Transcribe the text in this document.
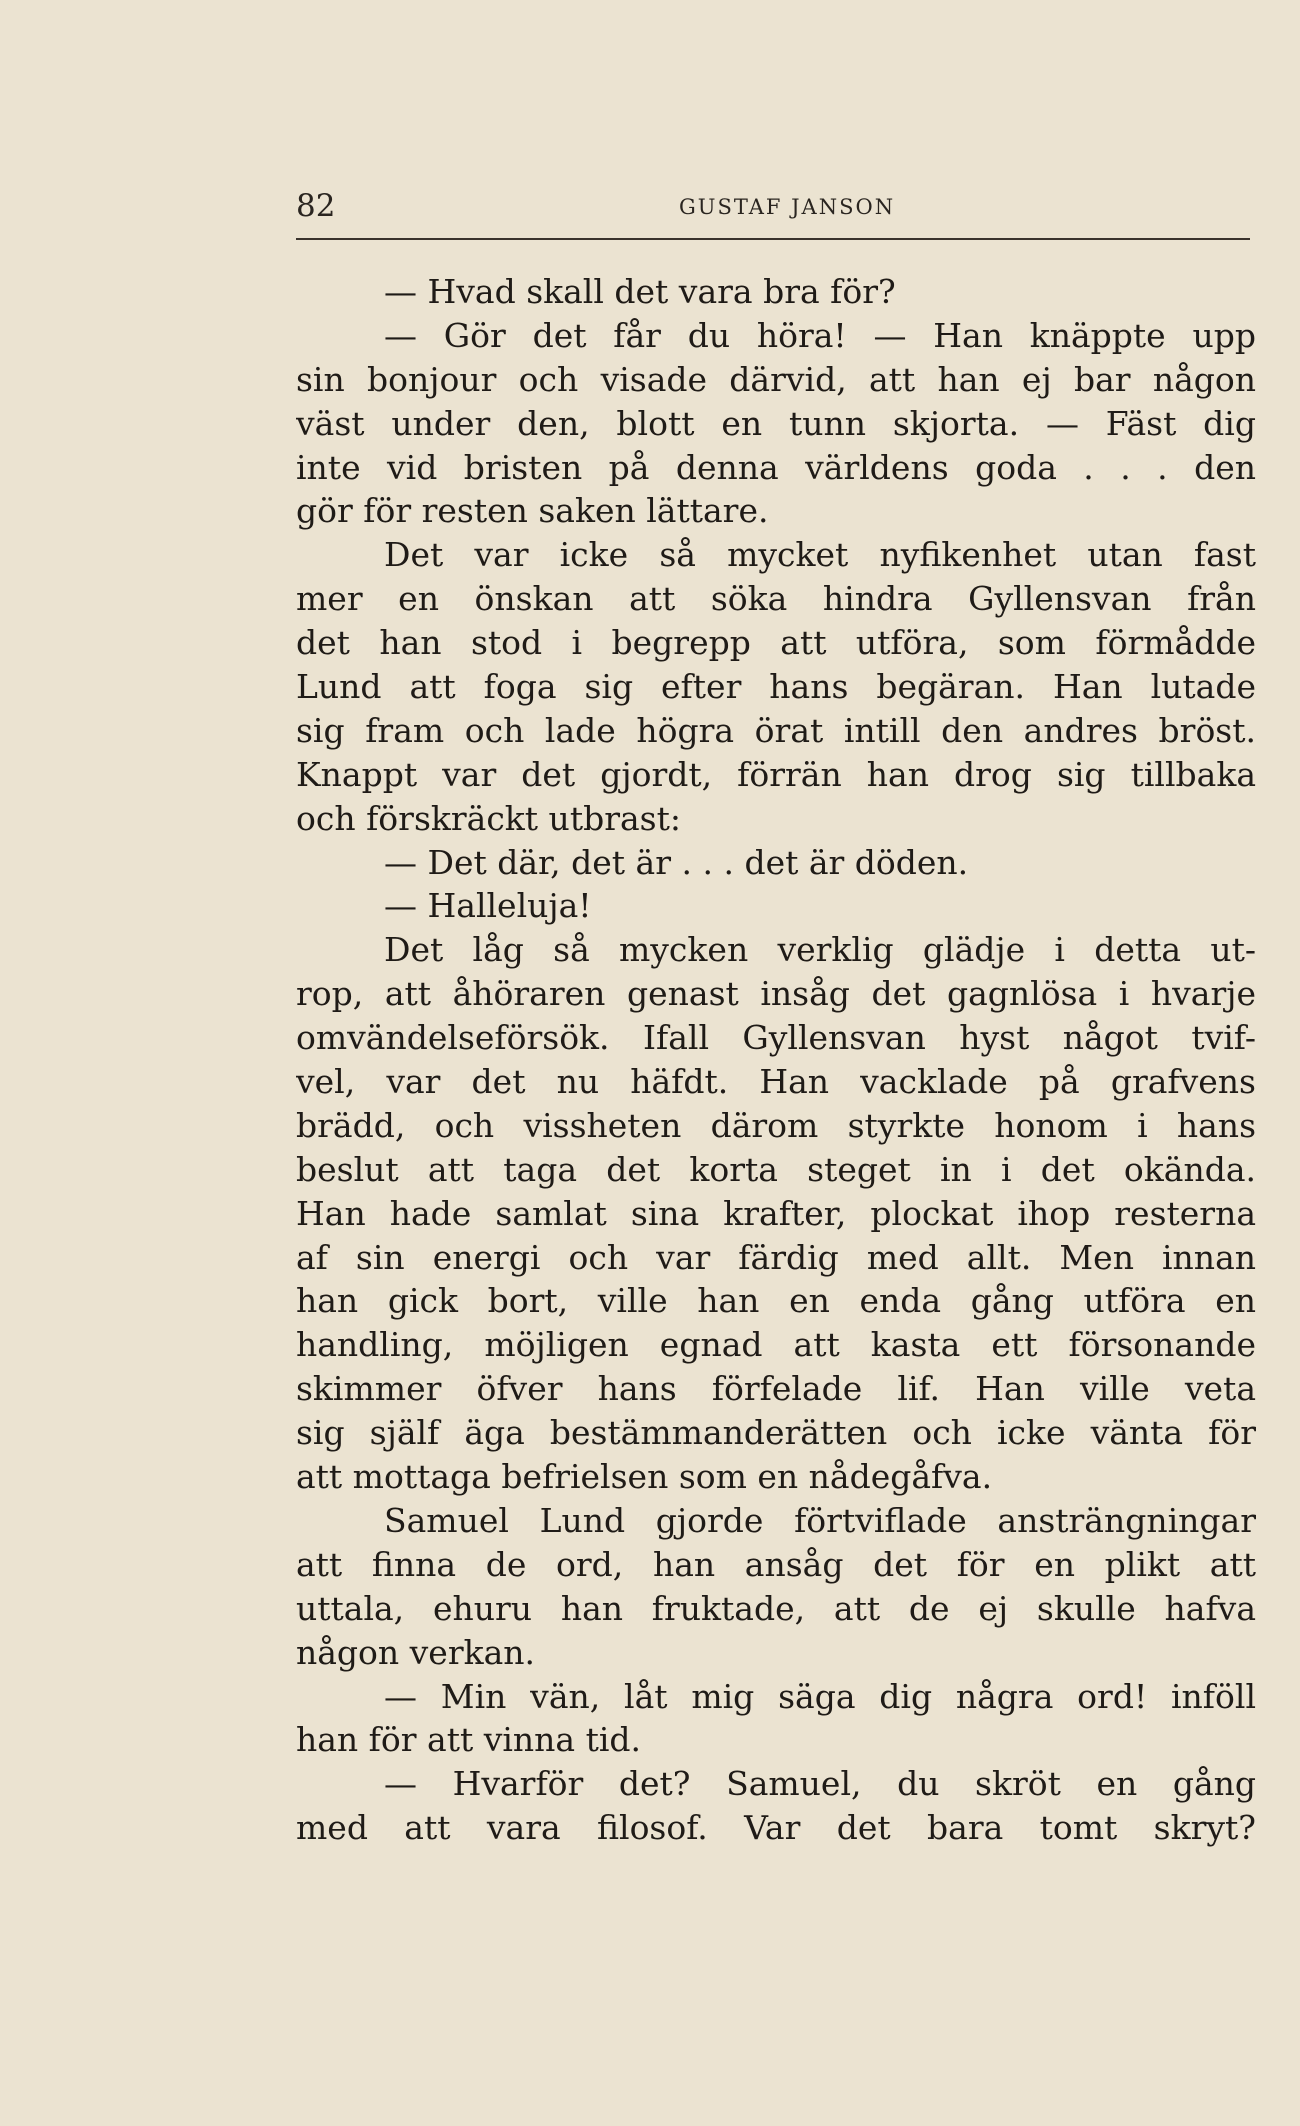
82	GUSTAF JANSON
— Hvad skall det vara bra för?
— Gör det får du höra! — Han knäppte upp
sin bonjour och visade därvid, att han ej bar någon
väst under den, blott en tunn skjorta. — Fäst dig
inte vid bristen på denna världens goda . . . den
gör för resten saken lättare.
Det var icke så mycket nyfikenhet utan fast
mer en önskan att söka hindra Gyllensvan från
det han stod i begrepp att utföra, som förmådde
Lund att foga sig efter hans begäran. Han lutade
sig fram och lade högra örat intill den andres bröst.
Knappt var det gjordt, förrän han drog sig tillbaka
och förskräckt utbrast:
— Det där, det är . . . det är döden.
— Halleluja!
Det låg så mycken verklig glädje i detta ut-
rop, att åhöraren genast insåg det gagnlösa i hvarje
omvändelseförsök. Ifall Gyllensvan hyst något tvif-
vel, var det nu häfdt. Han vacklade på grafvens
brädd, och vissheten därom styrkte honom i hans
beslut att taga det korta steget in i det okända.
Han hade samlat sina krafter, plockat ihop resterna
af sin energi och var färdig med allt. Men innan
han gick bort, ville han en enda gång utföra en
handling, möjligen egnad att kasta ett försonande
skimmer öfver hans förfelade lif. Han ville veta
sig själf äga bestämmanderätten och icke vänta för
att mottaga befrielsen som en nådegåfva.
Samuel Lund gjorde förtviflade ansträngningar
att finna de ord, han ansåg det för en plikt att
uttala, ehuru han fruktade, att de ej skulle hafva
någon verkan.
— Min vän, låt mig säga dig några ord! inföll
han för att vinna tid.
— Hvarför det? Samuel, du skröt en gång
med att vara filosof. Var det bara tomt skryt?
